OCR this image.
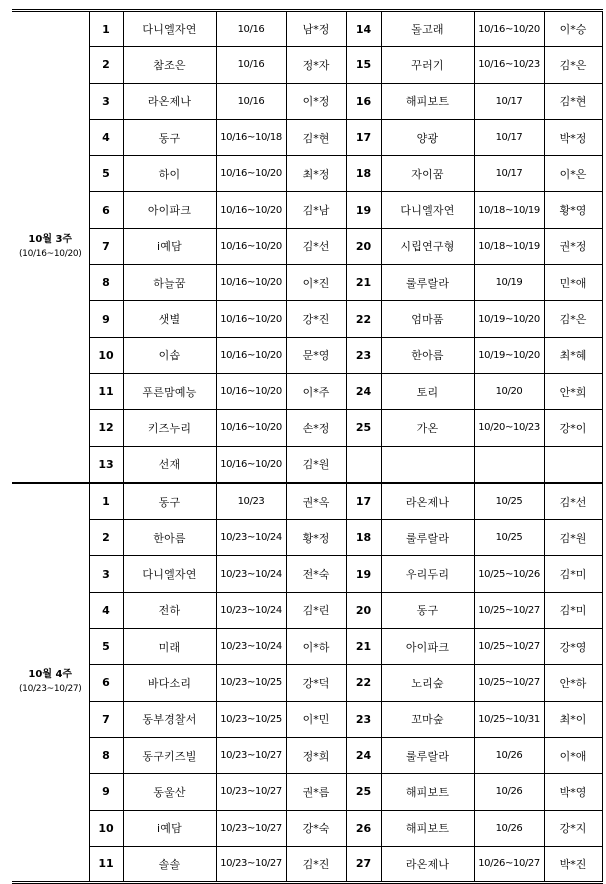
10월 3주
(10/16~10/20)	1	다니엘자연	10/16	남*정	14	돌고래	10/16~10/20	이*승
	2	참조은	10/16	정*자	15	꾸러기	10/16~10/23	김*은
	3	라온제나	10/16	이*정	16	해피보트	10/17	김*현
	4	동구	10/16~10/18	김*현	17	양광	10/17	박*정
	5	하이	10/16~10/20	최*정	18	자이꿈	10/17	이*은
	6	아이파크	10/16~10/20	김*남	19	다니엘자연	10/18~10/19	황*영
	7	i예담	10/16~10/20	김*선	20	시립연구형	10/18~10/19	권*정
	8	하늘꿈	10/16~10/20	이*진	21	룰루랄라	10/19	민*애
	9	샛별	10/16~10/20	강*진	22	엄마품	10/19~10/20	김*은
	10	이솝	10/16~10/20	문*영	23	한아름	10/19~10/20	최*혜
	11	푸른맘예능	10/16~10/20	이*주	24	토리	10/20	안*희
	12	키즈누리	10/16~10/20	손*정	25	가온	10/20~10/23	강*이
	13	선재	10/16~10/20	김*원				
10월 4주
(10/23~10/27)	1	동구	10/23	권*옥	17	라온제나	10/25	김*선
	2	한아름	10/23~10/24	황*정	18	룰루랄라	10/25	김*원
	3	다니엘자연	10/23~10/24	전*숙	19	우리두리	10/25~10/26	김*미
	4	전하	10/23~10/24	김*린	20	동구	10/25~10/27	김*미
	5	미래	10/23~10/24	이*하	21	아이파크	10/25~10/27	강*영
	6	바다소리	10/23~10/25	강*덕	22	노리숲	10/25~10/27	안*하
	7	동부경찰서	10/23~10/25	이*민	23	꼬마숲	10/25~10/31	최*이
	8	동구키즈빌	10/23~10/27	정*희	24	룰루랄라	10/26	이*애
	9	동울산	10/23~10/27	권*름	25	해피보트	10/26	박*영
	10	i예담	10/23~10/27	강*숙	26	해피보트	10/26	강*지
	11	솔솔	10/23~10/27	김*진	27	라온제나	10/26~10/27	박*진
